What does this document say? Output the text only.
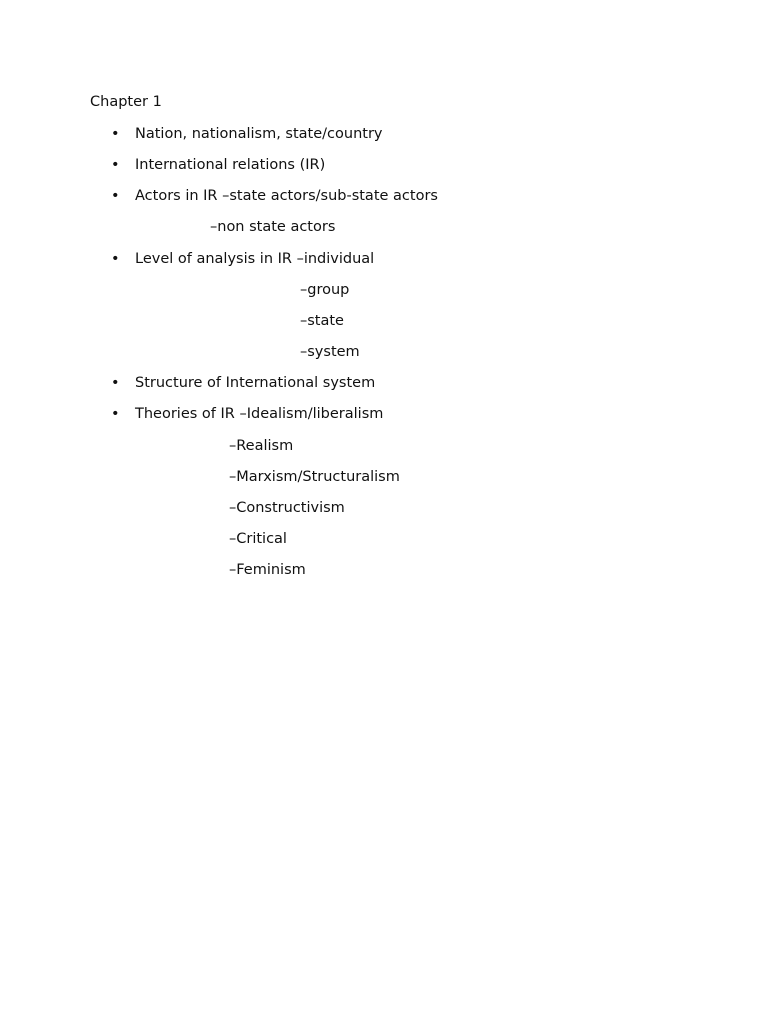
Chapter 1
• Nation, nationalism, state/country
• International relations (IR)
• Actors in IR –state actors/sub-state actors
–non state actors
• Level of analysis in IR –individual
–group
–state
–system
• Structure of International system
• Theories of IR –Idealism/liberalism
–Realism
–Marxism/Structuralism
–Constructivism
–Critical
–Feminism
